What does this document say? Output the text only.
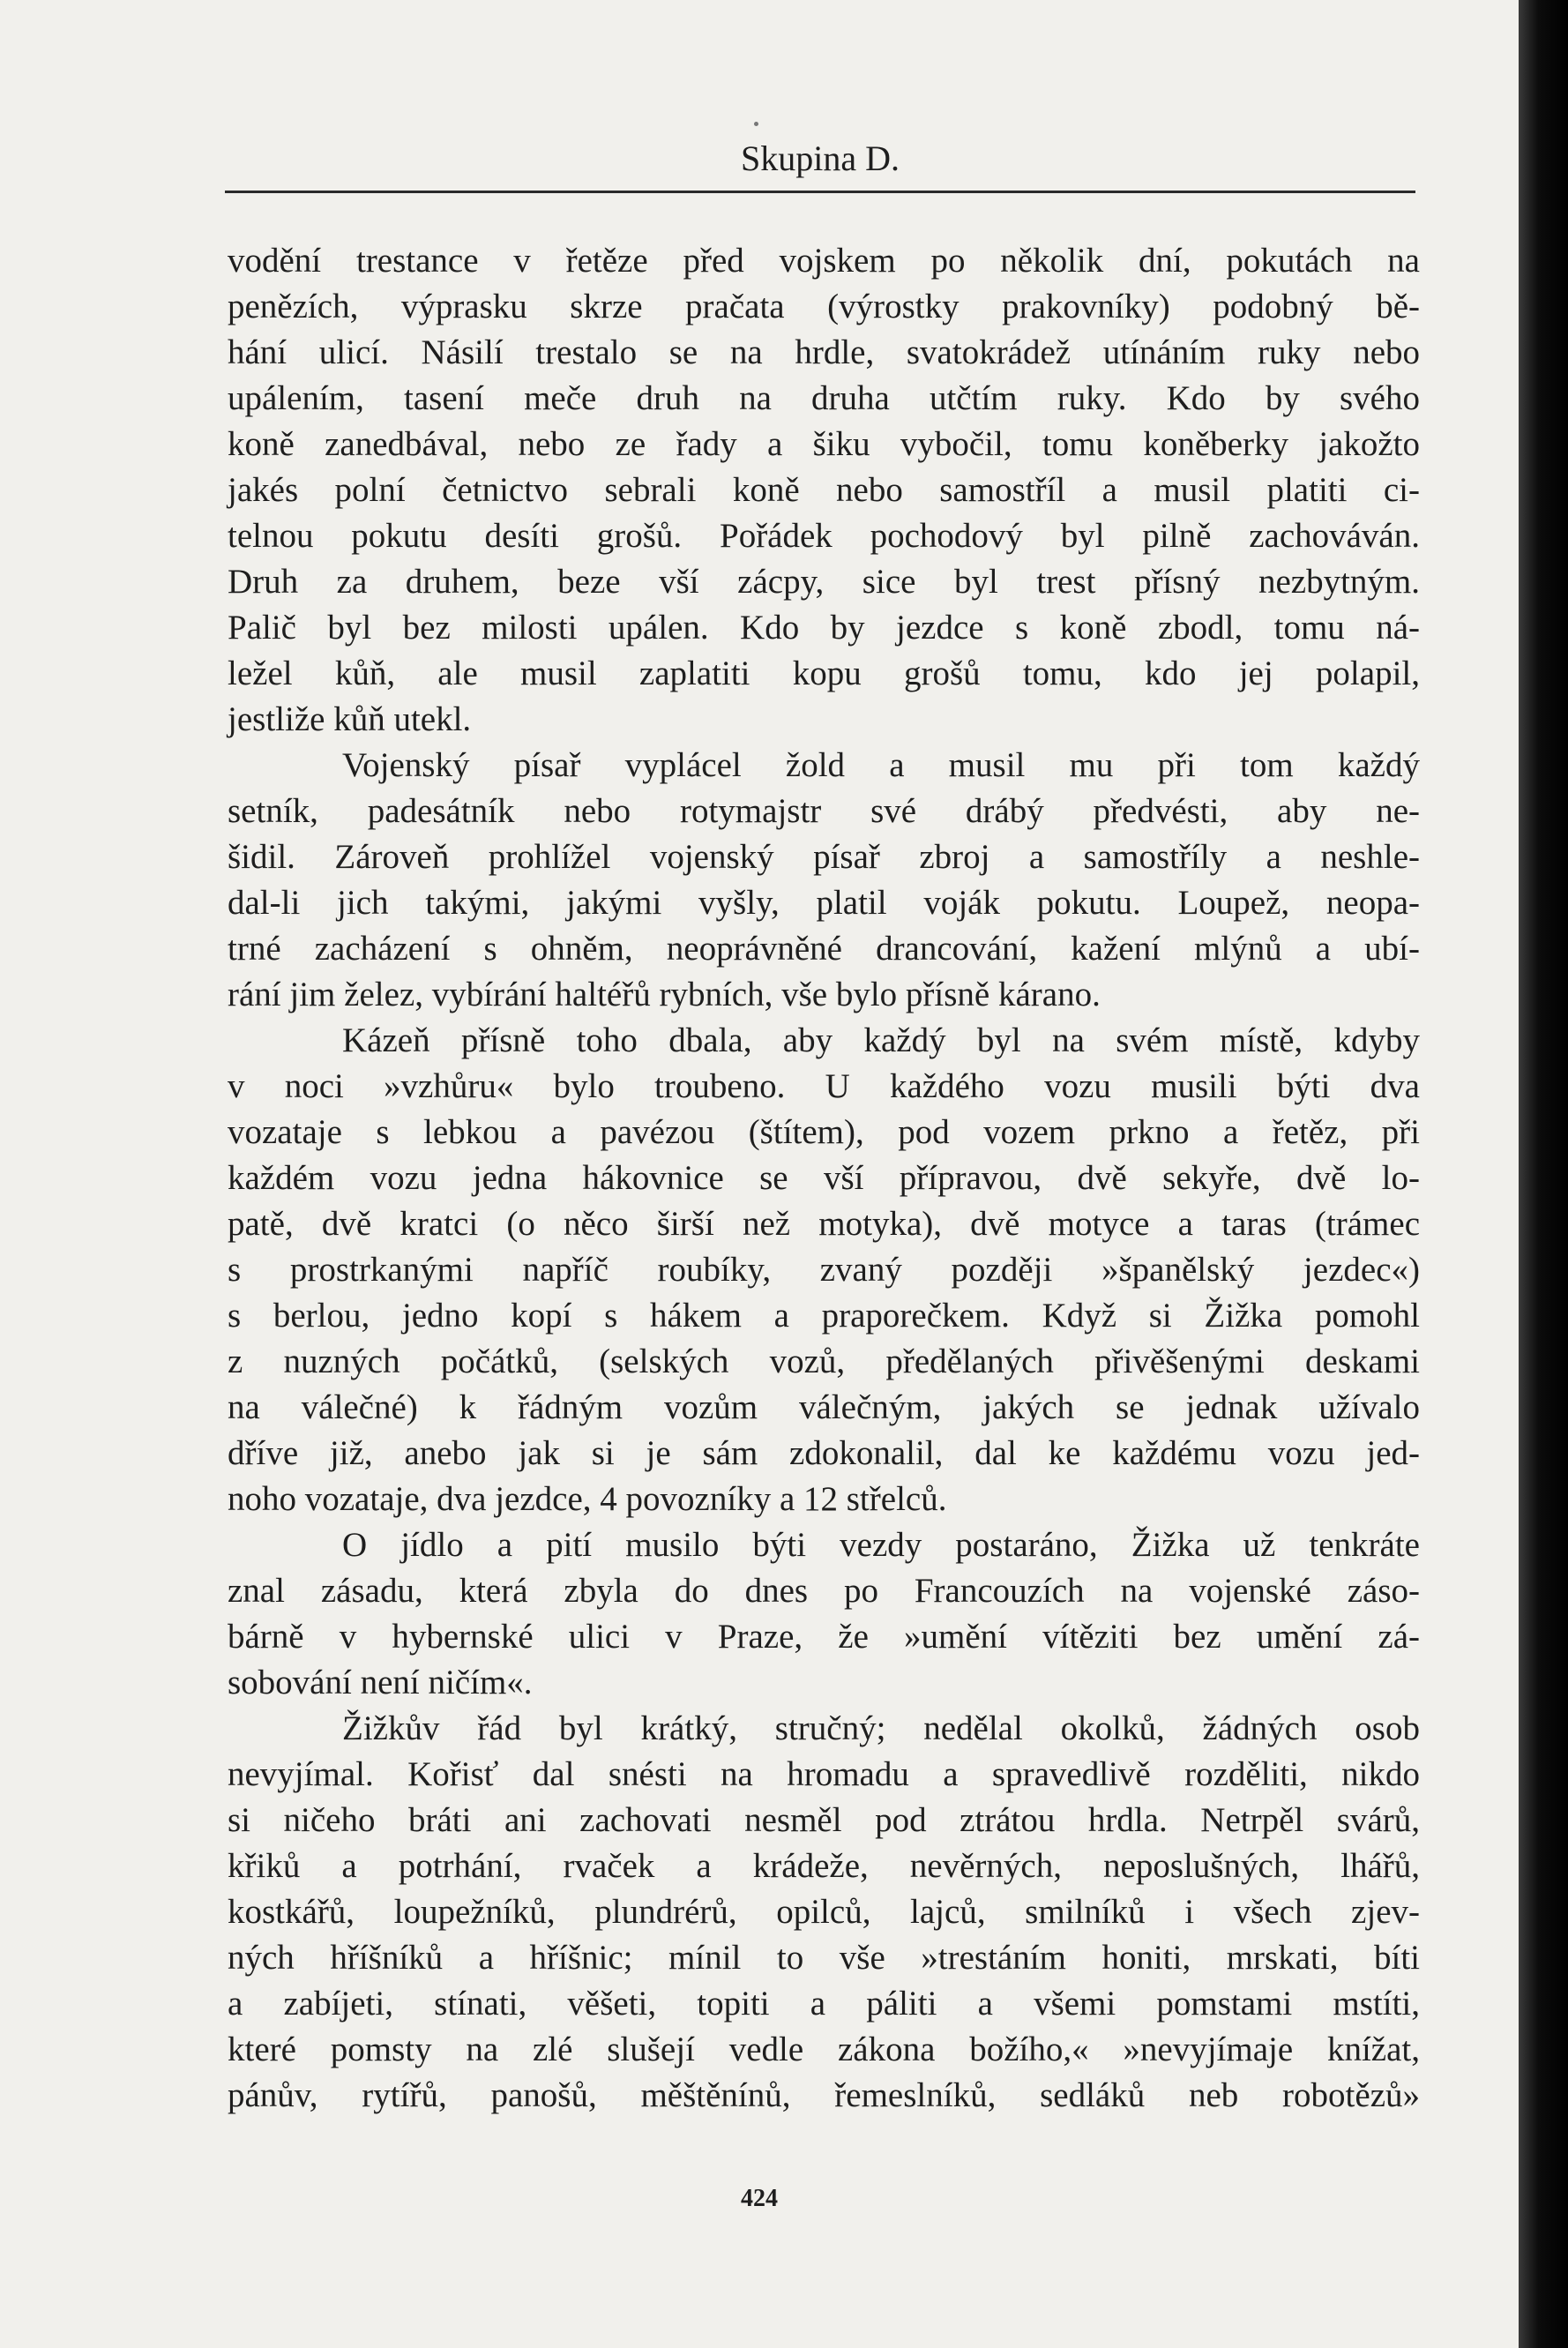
Skupina D.
vodění trestance v řetěze před vojskem po několik dní, pokutách na
penězích, výprasku skrze pračata (výrostky prakovníky) podobný bě-
hání ulicí. Násilí trestalo se na hrdle, svatokrádež utínáním ruky nebo
upálením, tasení meče druh na druha utčtím ruky. Kdo by svého
koně zanedbával, nebo ze řady a šiku vybočil, tomu koněberky jakožto
jakés polní četnictvo sebrali koně nebo samostříl a musil platiti ci-
telnou pokutu desíti grošů. Pořádek pochodový byl pilně zachováván.
Druh za druhem, beze vší zácpy, sice byl trest přísný nezbytným.
Palič byl bez milosti upálen. Kdo by jezdce s koně zbodl, tomu ná-
ležel kůň, ale musil zaplatiti kopu grošů tomu, kdo jej polapil,
jestliže kůň utekl.
Vojenský písař vyplácel žold a musil mu při tom každý
setník, padesátník nebo rotymajstr své drábý předvésti, aby ne-
šidil. Zároveň prohlížel vojenský písař zbroj a samostříly a neshle-
dal-li jich takými, jakými vyšly, platil voják pokutu. Loupež, neopa-
trné zacházení s ohněm, neoprávněné drancování, kažení mlýnů a ubí-
rání jim želez, vybírání haltéřů rybních, vše bylo přísně kárano.
Kázeň přísně toho dbala, aby každý byl na svém místě, kdyby
v noci »vzhůru« bylo troubeno. U každého vozu musili býti dva
vozataje s lebkou a pavézou (štítem), pod vozem prkno a řetěz, při
každém vozu jedna hákovnice se vší přípravou, dvě sekyře, dvě lo-
patě, dvě kratci (o něco širší než motyka), dvě motyce a taras (trámec
s prostrkanými napříč roubíky, zvaný později »španělský jezdec«)
s berlou, jedno kopí s hákem a praporečkem. Když si Žižka pomohl
z nuzných počátků, (selských vozů, předělaných přivěšenými deskami
na válečné) k řádným vozům válečným, jakých se jednak užívalo
dříve již, anebo jak si je sám zdokonalil, dal ke každému vozu jed-
noho vozataje, dva jezdce, 4 povozníky a 12 střelců.
O jídlo a pití musilo býti vezdy postaráno, Žižka už tenkráte
znal zásadu, která zbyla do dnes po Francouzích na vojenské záso-
bárně v hybernské ulici v Praze, že »umění vítěziti bez umění zá-
sobování není ničím«.
Žižkův řád byl krátký, stručný; nedělal okolků, žádných osob
nevyjímal. Kořisť dal snésti na hromadu a spravedlivě rozděliti, nikdo
si ničeho bráti ani zachovati nesměl pod ztrátou hrdla. Netrpěl svárů,
křiků a potrhání, rvaček a krádeže, nevěrných, neposlušných, lhářů,
kostkářů, loupežníků, plundrérů, opilců, lajců, smilníků i všech zjev-
ných hříšníků a hříšnic; mínil to vše »trestáním honiti, mrskati, bíti
a zabíjeti, stínati, věšeti, topiti a páliti a všemi pomstami mstíti,
které pomsty na zlé slušejí vedle zákona božího,« »nevyjímaje knížat,
pánův, rytířů, panošů, měštěnínů, řemeslníků, sedláků neb robotězů»
424
